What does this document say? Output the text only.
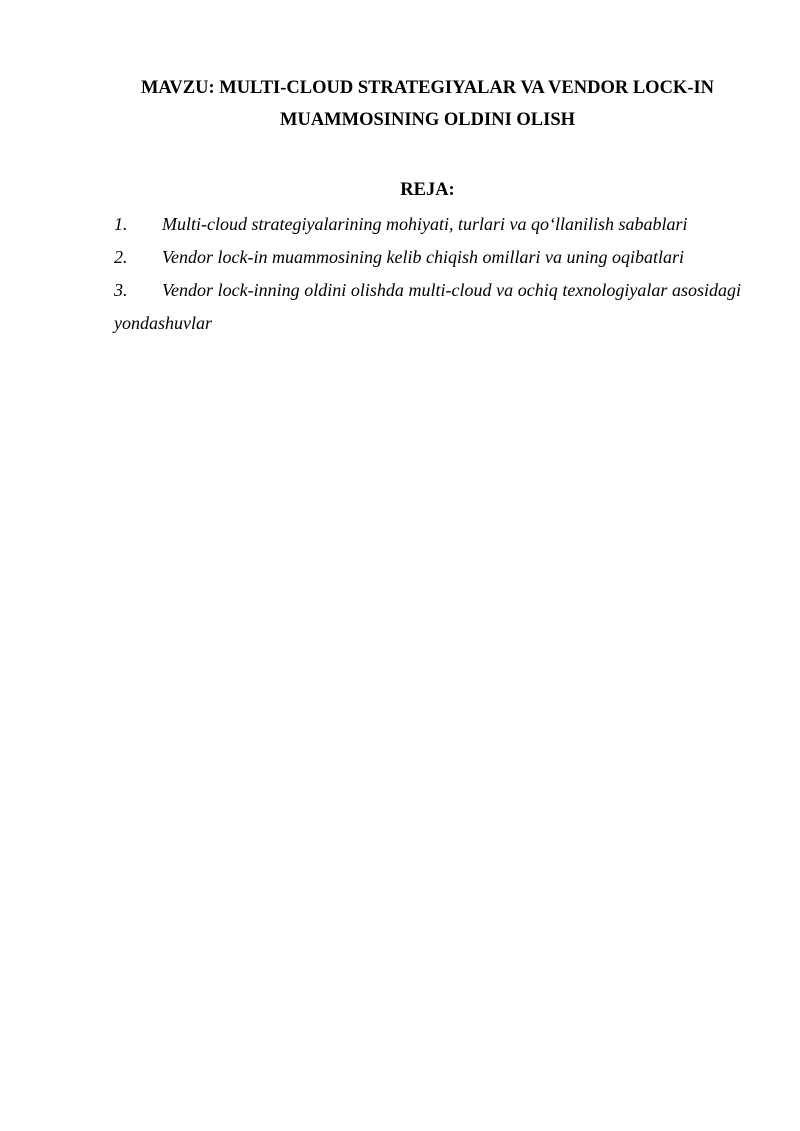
MAVZU: MULTI-CLOUD STRATEGIYALAR VA VENDOR LOCK-IN
MUAMMOSINING OLDINI OLISH
REJA:
1. Multi-cloud strategiyalarining mohiyati, turlari va qo‘llanilish sabablari
2. Vendor lock-in muammosining kelib chiqish omillari va uning oqibatlari
3. Vendor lock-inning oldini olishda multi-cloud va ochiq texnologiyalar asosidagi yondashuvlar
